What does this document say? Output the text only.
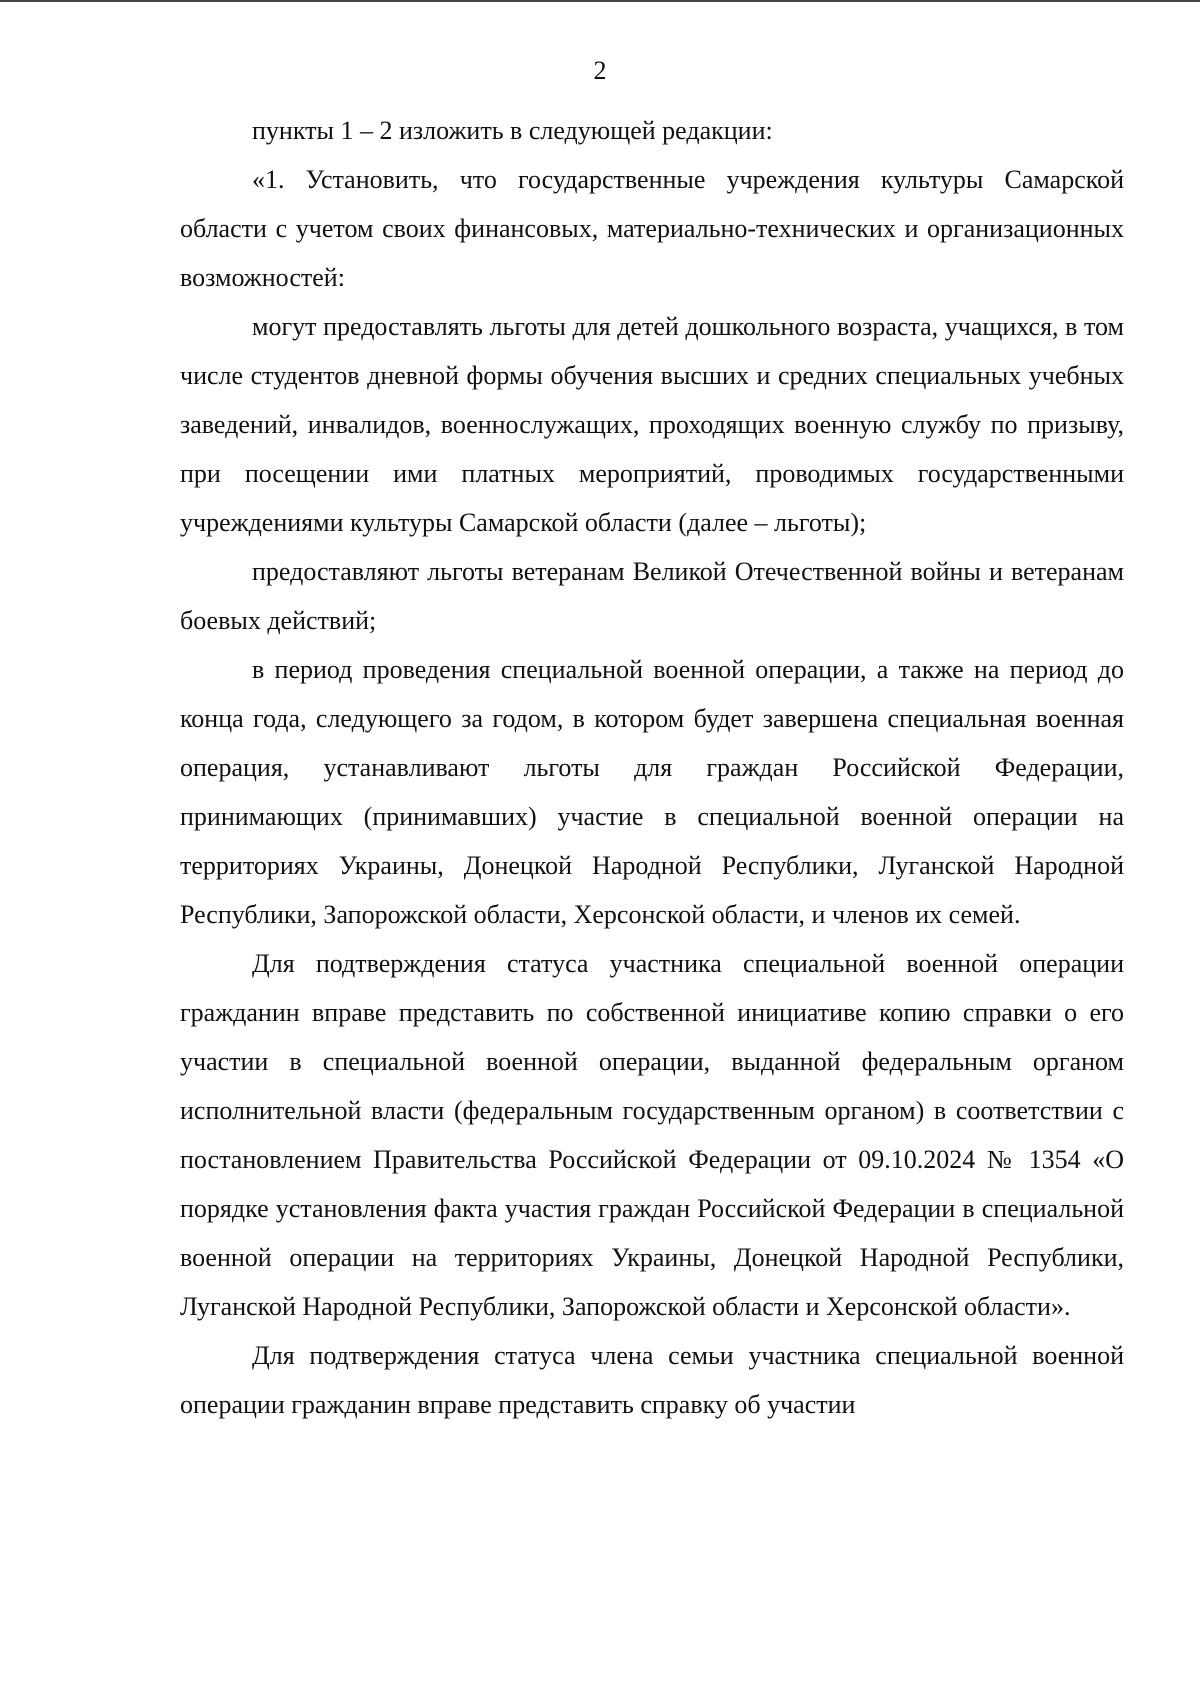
2

пункты 1 – 2 изложить в следующей редакции:

«1. Установить, что государственные учреждения культуры Самарской области с учетом своих финансовых, материально-технических и организационных возможностей:

могут предоставлять льготы для детей дошкольного возраста, учащихся, в том числе студентов дневной формы обучения высших и средних специальных учебных заведений, инвалидов, военнослужащих, проходящих военную службу по призыву, при посещении ими платных мероприятий, проводимых государственными учреждениями культуры Самарской области (далее – льготы);

предоставляют льготы ветеранам Великой Отечественной войны и ветеранам боевых действий;

в период проведения специальной военной операции, а также на период до конца года, следующего за годом, в котором будет завершена специальная военная операция, устанавливают льготы для граждан Российской Федерации, принимающих (принимавших) участие в специальной военной операции на территориях Украины, Донецкой Народной Республики, Луганской Народной Республики, Запорожской области, Херсонской области, и членов их семей.

Для подтверждения статуса участника специальной военной операции гражданин вправе представить по собственной инициативе копию справки о его участии в специальной военной операции, выданной федеральным органом исполнительной власти (федеральным государственным органом) в соответствии с постановлением Правительства Российской Федерации от 09.10.2024 № 1354 «О порядке установления факта участия граждан Российской Федерации в специальной военной операции на территориях Украины, Донецкой Народной Республики, Луганской Народной Республики, Запорожской области и Херсонской области».

Для подтверждения статуса члена семьи участника специальной военной операции гражданин вправе представить справку об участии
